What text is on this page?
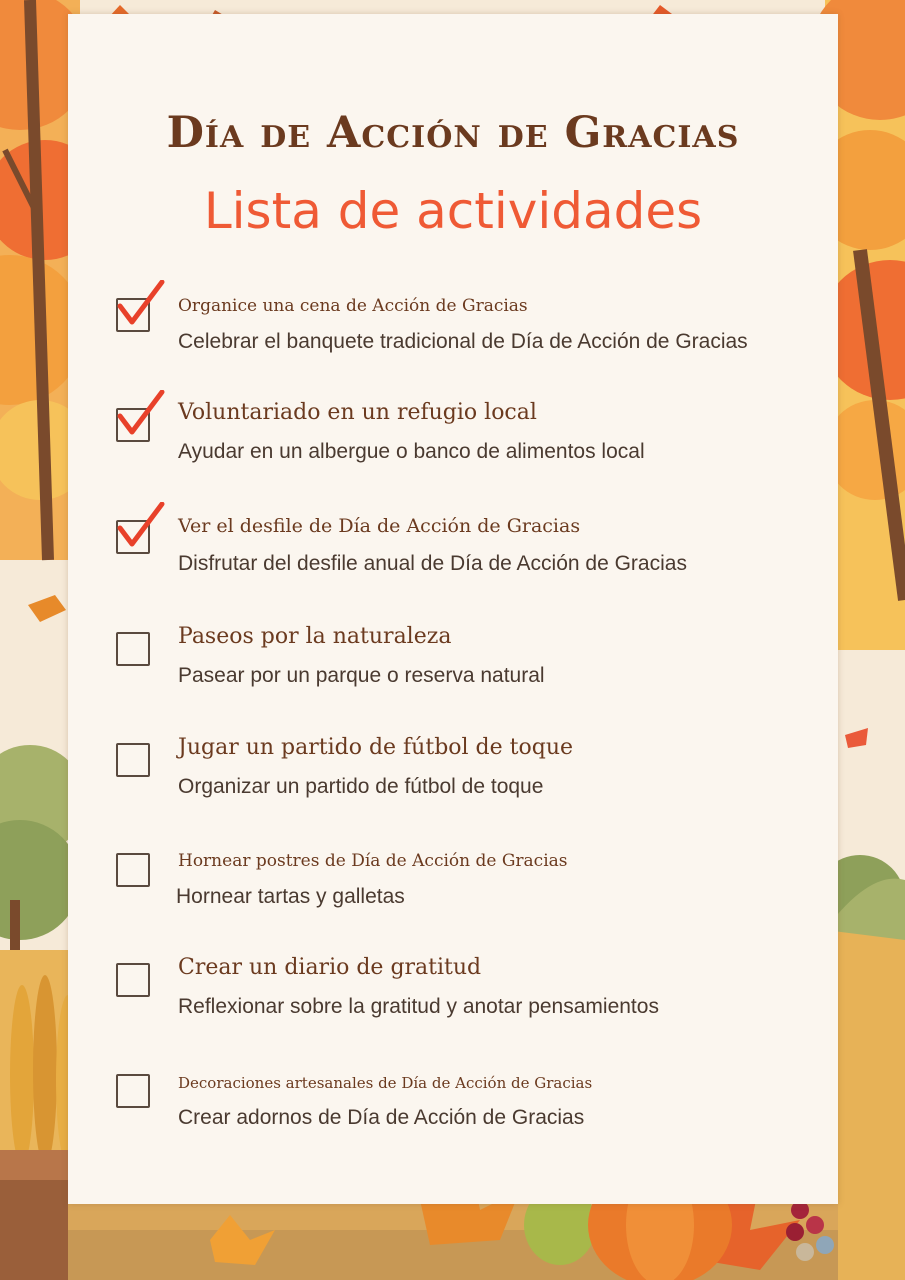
Día de Acción de Gracias
Lista de actividades
Organice una cena de Acción de Gracias
Celebrar el banquete tradicional de Día de Acción de Gracias
Voluntariado en un refugio local
Ayudar en un albergue o banco de alimentos local
Ver el desfile de Día de Acción de Gracias
Disfrutar del desfile anual de Día de Acción de Gracias
Paseos por la naturaleza
Pasear por un parque o reserva natural
Jugar un partido de fútbol de toque
Organizar un partido de fútbol de toque
Hornear postres de Día de Acción de Gracias
Hornear tartas y galletas
Crear un diario de gratitud
Reflexionar sobre la gratitud y anotar pensamientos
Decoraciones artesanales de Día de Acción de Gracias
Crear adornos de Día de Acción de Gracias
